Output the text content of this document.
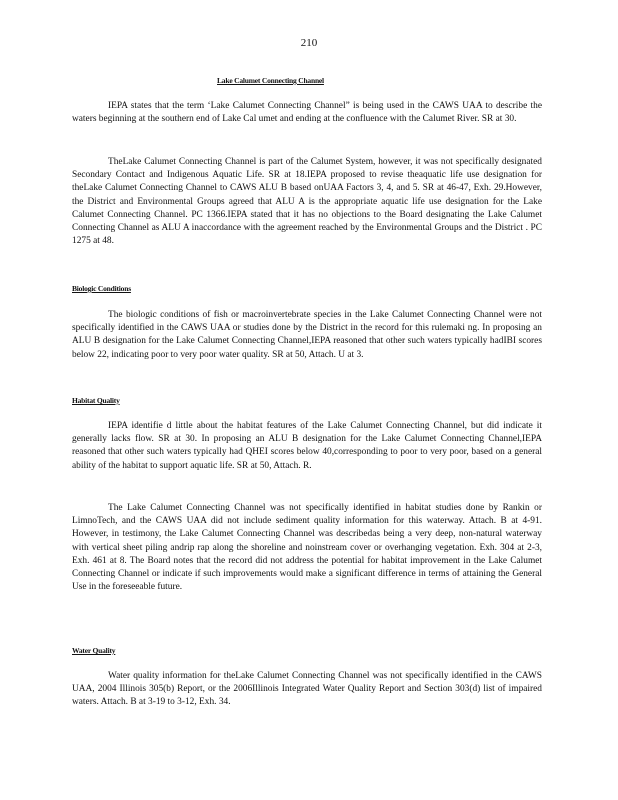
210
Lake Calumet Connecting Channel

IEPA states that the term ‘Lake Calumet Connecting Channel” is being used in the CAWS UAA to describe the waters beginning at the southern end of Lake Cal umet and ending at the confluence with the Calumet River. SR at 30.

TheLake Calumet Connecting Channel is part of the Calumet System, however, it was not specifically designated Secondary Contact and Indigenous Aquatic Life. SR at 18.IEPA proposed to revise theaquatic life use designation for theLake Calumet Connecting Channel to CAWS ALU B based onUAA Factors 3, 4, and 5. SR at 46-47, Exh. 29.However, the District and Environmental Groups agreed that ALU A is the appropriate aquatic life use designation for the Lake Calumet Connecting Channel. PC 1366.IEPA stated that it has no objections to the Board designating the Lake Calumet Connecting Channel as ALU A inaccordance with the agreement reached by the Environmental Groups and the District . PC 1275 at 48.

Biologic Conditions

The biologic conditions of fish or macroinvertebrate species in the Lake Calumet Connecting Channel were not specifically identified in the CAWS UAA or studies done by the District in the record for this rulemaki ng. In proposing an ALU B designation for the Lake Calumet Connecting Channel,IEPA reasoned that other such waters typically hadIBI scores below 22, indicating poor to very poor water quality. SR at 50, Attach. U at 3.

Habitat Quality

IEPA identifie d little about the habitat features of the Lake Calumet Connecting Channel, but did indicate it generally lacks flow. SR at 30. In proposing an ALU B designation for the Lake Calumet Connecting Channel,IEPA reasoned that other such waters typically had QHEI scores below 40,corresponding to poor to very poor, based on a general ability of the habitat to support aquatic life. SR at 50, Attach. R.

The Lake Calumet Connecting Channel was not specifically identified in habitat studies done by Rankin or LimnoTech, and the CAWS UAA did not include sediment quality information for this waterway. Attach. B at 4-91. However, in testimony, the Lake Calumet Connecting Channel was describedas being a very deep, non-natural waterway with vertical sheet piling andrip rap along the shoreline and noinstream cover or overhanging vegetation. Exh. 304 at 2-3, Exh. 461 at 8. The Board notes that the record did not address the potential for habitat improvement in the Lake Calumet Connecting Channel or indicate if such improvements would make a significant difference in terms of attaining the General Use in the foreseeable future.

Water Quality

Water quality information for theLake Calumet Connecting Channel was not specifically identified in the CAWS UAA, 2004 Illinois 305(b) Report, or the 2006Illinois Integrated Water Quality Report and Section 303(d) list of impaired waters. Attach. B at 3-19 to 3-12, Exh. 34.
